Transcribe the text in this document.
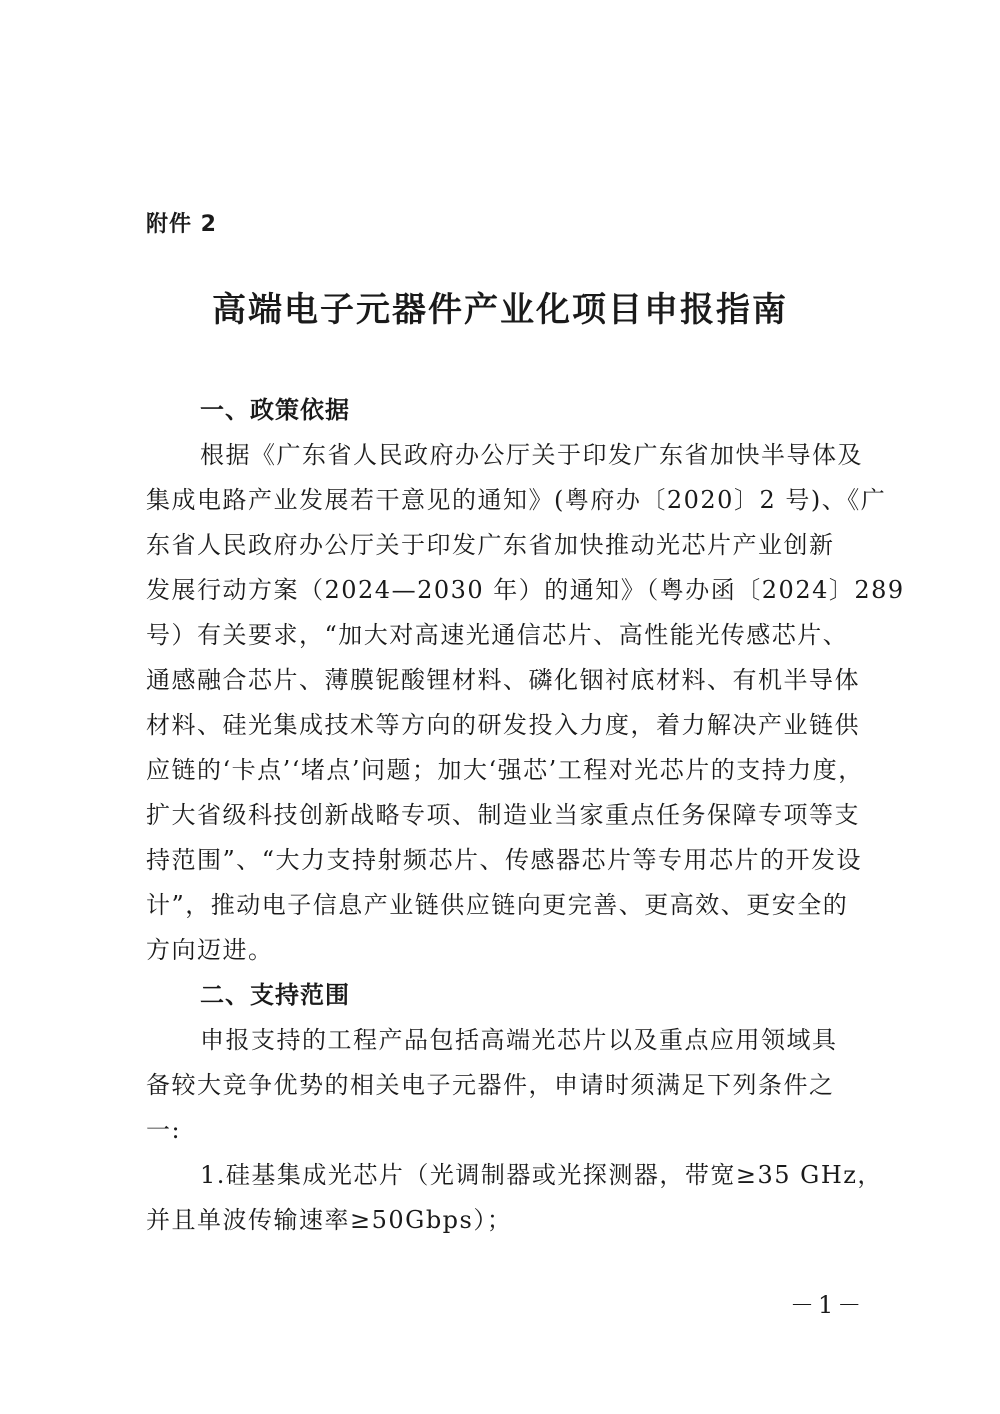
附件 2
高端电子元器件产业化项目申报指南
一、政策依据

根据《广东省人民政府办公厅关于印发广东省加快半导体及
集成电路产业发展若干意见的通知》(粤府办〔2020〕2 号)、《广
东省人民政府办公厅关于印发广东省加快推动光芯片产业创新
发展行动方案（2024—2030 年）的通知》（粤办函〔2024〕289
号）有关要求，“加大对高速光通信芯片、高性能光传感芯片、
通感融合芯片、薄膜铌酸锂材料、磷化铟衬底材料、有机半导体
材料、硅光集成技术等方向的研发投入力度，着力解决产业链供
应链的‘卡点’‘堵点’问题；加大‘强芯’工程对光芯片的支持力度，
扩大省级科技创新战略专项、制造业当家重点任务保障专项等支
持范围”、“大力支持射频芯片、传感器芯片等专用芯片的开发设
计”，推动电子信息产业链供应链向更完善、更高效、更安全的
方向迈进。

二、支持范围

申报支持的工程产品包括高端光芯片以及重点应用领域具
备较大竞争优势的相关电子元器件，申请时须满足下列条件之
一:

1.硅基集成光芯片（光调制器或光探测器，带宽≥35 GHz，
并且单波传输速率≥50Gbps）；

－1－
